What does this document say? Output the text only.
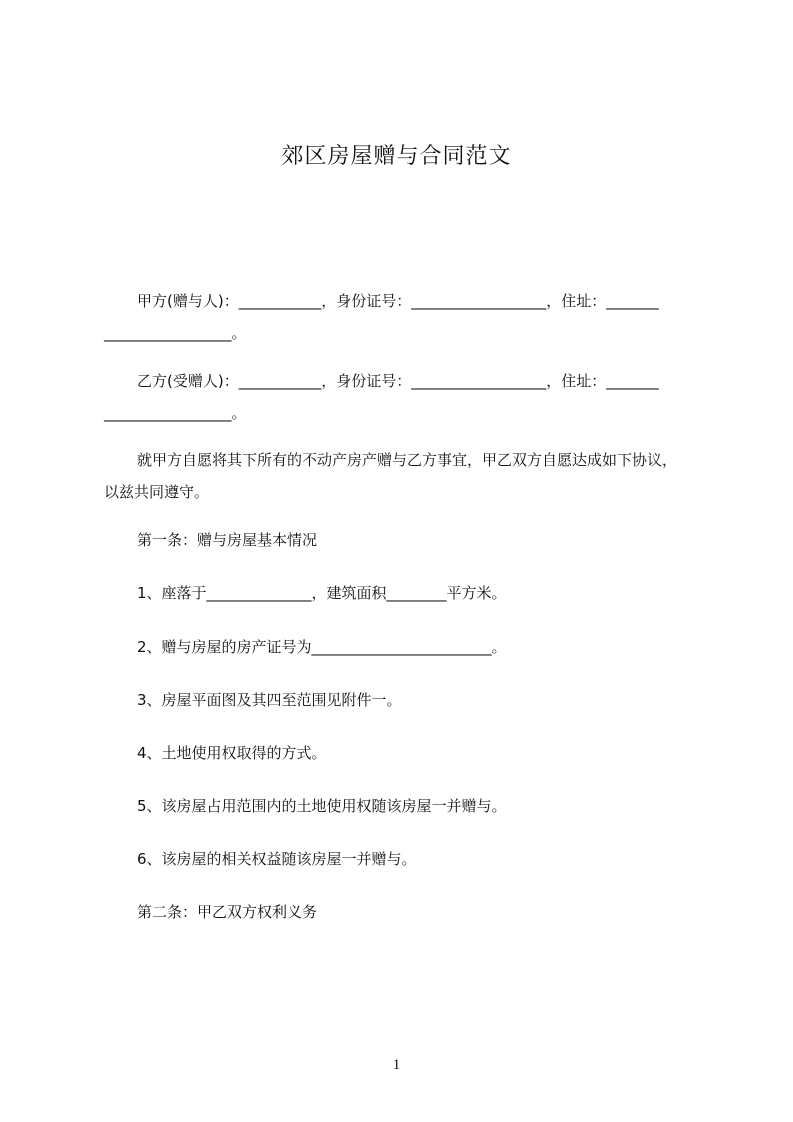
郊区房屋赠与合同范文
甲方(赠与人)：___________，身份证号：__________________，住址：_______
_________________。
乙方(受赠人)：___________，身份证号：__________________，住址：_______
_________________。
就甲方自愿将其下所有的不动产房产赠与乙方事宜，甲乙双方自愿达成如下协议，
以兹共同遵守。
第一条：赠与房屋基本情况
1、座落于______________，建筑面积________平方米。
2、赠与房屋的房产证号为________________________。
3、房屋平面图及其四至范围见附件一。
4、土地使用权取得的方式。
5、该房屋占用范围内的土地使用权随该房屋一并赠与。
6、该房屋的相关权益随该房屋一并赠与。
第二条：甲乙双方权利义务
1
